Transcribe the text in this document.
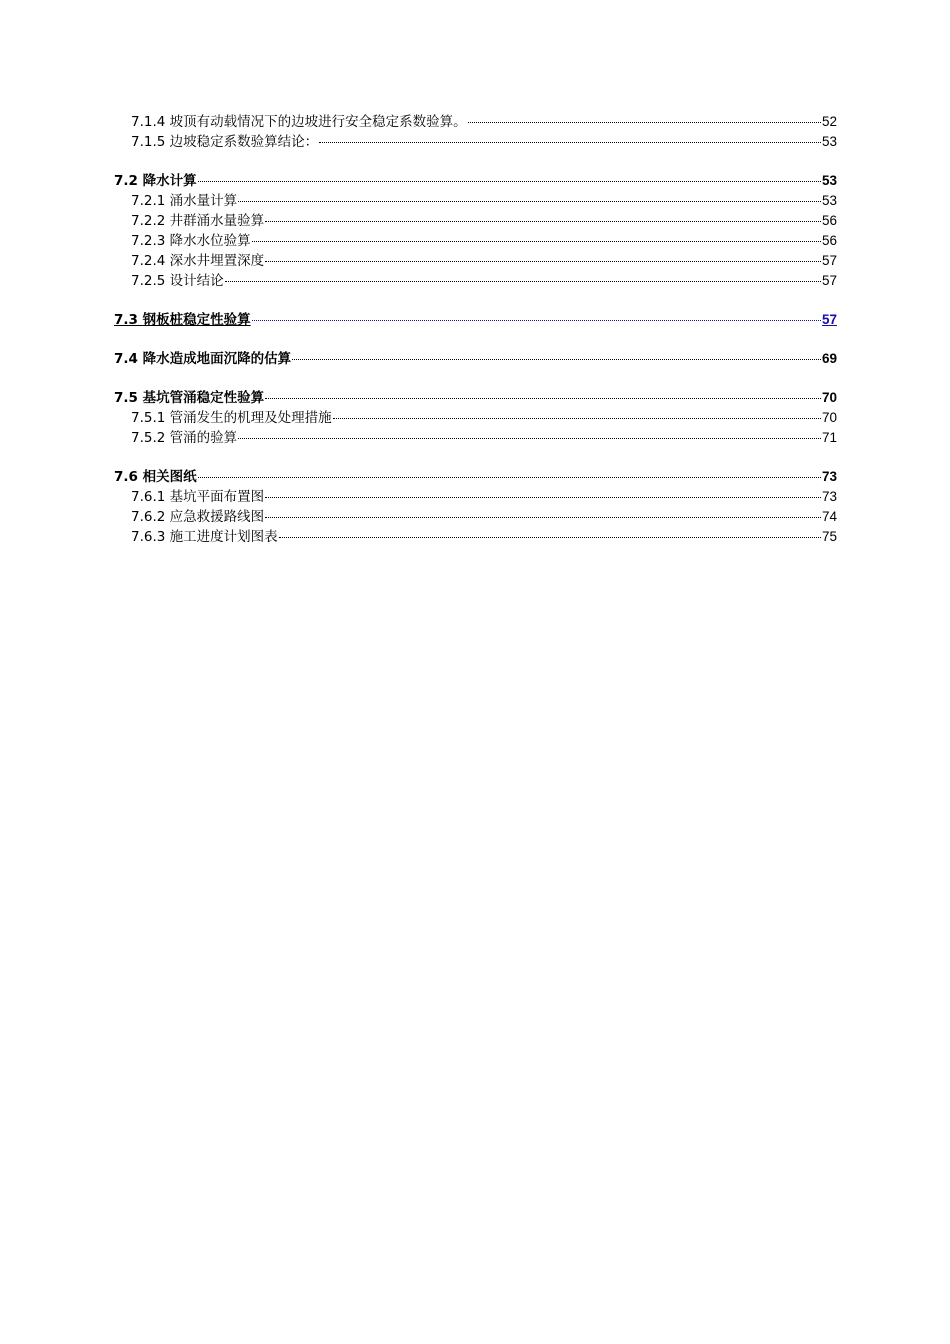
7.1.4 坡顶有动载情况下的边坡进行安全稳定系数验算。	52
7.1.5 边坡稳定系数验算结论：	53
7.2 降水计算	53
7.2.1 涌水量计算	53
7.2.2 井群涌水量验算	56
7.2.3 降水水位验算	56
7.2.4 深水井埋置深度	57
7.2.5 设计结论	57
7.3 钢板桩稳定性验算	57
7.4 降水造成地面沉降的估算	69
7.5 基坑管涌稳定性验算	70
7.5.1 管涌发生的机理及处理措施	70
7.5.2 管涌的验算	71
7.6 相关图纸	73
7.6.1 基坑平面布置图	73
7.6.2 应急救援路线图	74
7.6.3 施工进度计划图表	75
